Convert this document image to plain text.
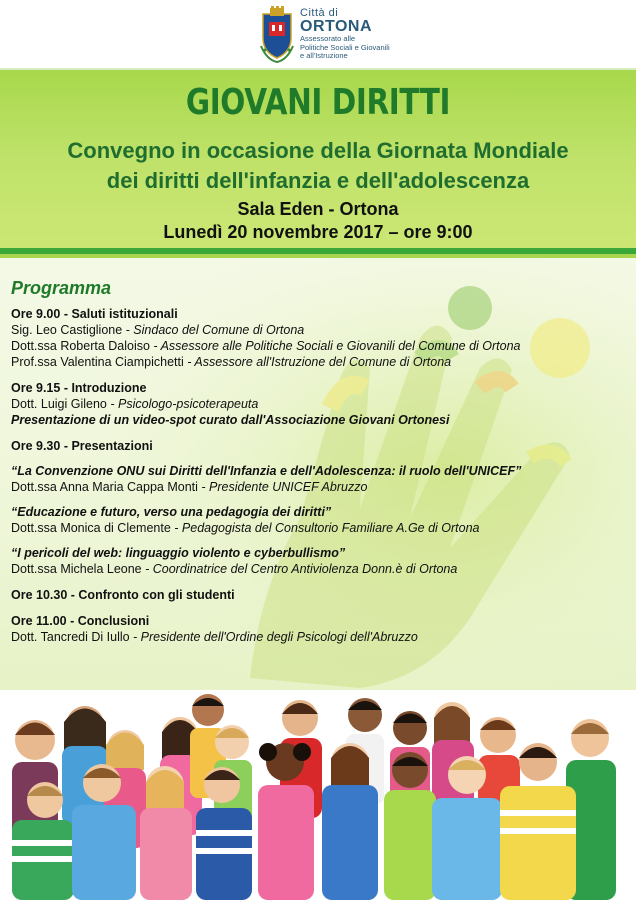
Città di
ORTONA
Assessorato alle
Politiche Sociali e Giovanili
e all'Istruzione
GIOVANI DIRITTI
Convegno in occasione della Giornata Mondiale
dei diritti dell'infanzia e dell'adolescenza
Sala Eden - Ortona
Lunedì 20 novembre 2017 – ore 9:00
Programma
Ore 9.00 - Saluti istituzionali
Sig. Leo Castiglione - Sindaco del Comune di Ortona
Dott.ssa Roberta Daloiso - Assessore alle Politiche Sociali e Giovanili del Comune di Ortona
Prof.ssa Valentina Ciampichetti - Assessore all'Istruzione del Comune di Ortona
Ore 9.15 - Introduzione
Dott. Luigi Gileno - Psicologo-psicoterapeuta
Presentazione di un video-spot curato dall'Associazione Giovani Ortonesi
Ore 9.30 - Presentazioni
“La Convenzione ONU sui Diritti dell'Infanzia e dell'Adolescenza: il ruolo dell'UNICEF”
Dott.ssa Anna Maria Cappa Monti - Presidente UNICEF Abruzzo
“Educazione e futuro, verso una pedagogia dei diritti”
Dott.ssa Monica di Clemente - Pedagogista del Consultorio Familiare A.Ge di Ortona
“I pericoli del web: linguaggio violento e cyberbullismo”
Dott.ssa Michela Leone - Coordinatrice del Centro Antiviolenza Donn.è di Ortona
Ore 10.30 - Confronto con gli studenti
Ore 11.00 - Conclusioni
Dott. Tancredi Di Iullo - Presidente dell'Ordine degli Psicologi dell'Abruzzo
